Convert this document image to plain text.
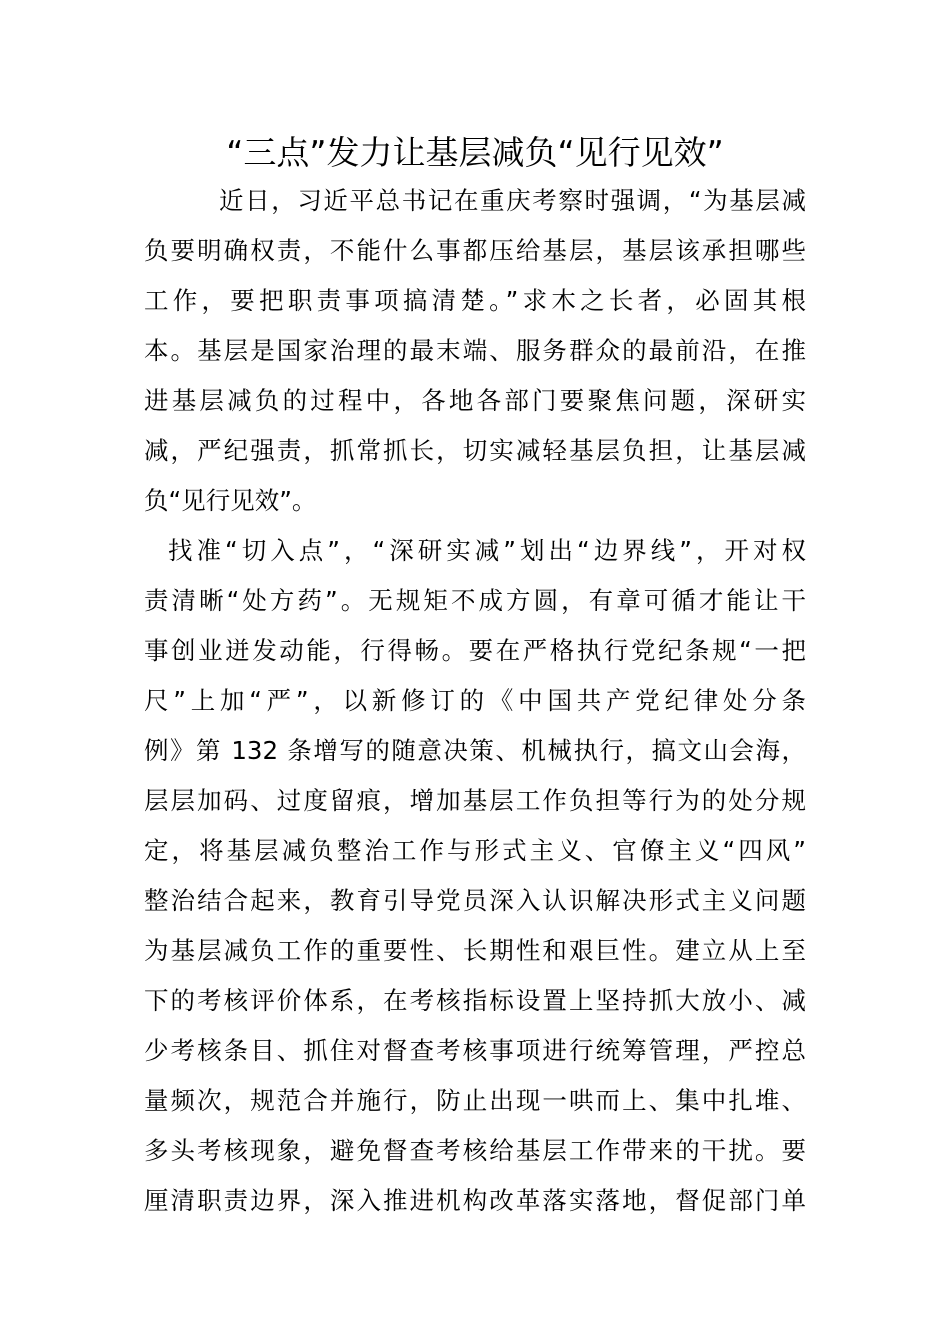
“三点”发力让基层减负“见行见效”
近日，习近平总书记在重庆考察时强调，“为基层减
负要明确权责，不能什么事都压给基层，基层该承担哪些
工作，要把职责事项搞清楚。”求木之长者，必固其根
本。基层是国家治理的最末端、服务群众的最前沿，在推
进基层减负的过程中，各地各部门要聚焦问题，深研实
减，严纪强责，抓常抓长，切实减轻基层负担，让基层减
负“见行见效”。
找准“切入点”，“深研实减”划出“边界线”，开对权
责清晰“处方药”。无规矩不成方圆，有章可循才能让干
事创业迸发动能，行得畅。要在严格执行党纪条规“一把
尺”上加“严”，以新修订的《中国共产党纪律处分条
例》第 132 条增写的随意决策、机械执行，搞文山会海，
层层加码、过度留痕，增加基层工作负担等行为的处分规
定，将基层减负整治工作与形式主义、官僚主义“四风”
整治结合起来，教育引导党员深入认识解决形式主义问题
为基层减负工作的重要性、长期性和艰巨性。建立从上至
下的考核评价体系，在考核指标设置上坚持抓大放小、减
少考核条目、抓住对督查考核事项进行统筹管理，严控总
量频次，规范合并施行，防止出现一哄而上、集中扎堆、
多头考核现象，避免督查考核给基层工作带来的干扰。要
厘清职责边界，深入推进机构改革落实落地，督促部门单
